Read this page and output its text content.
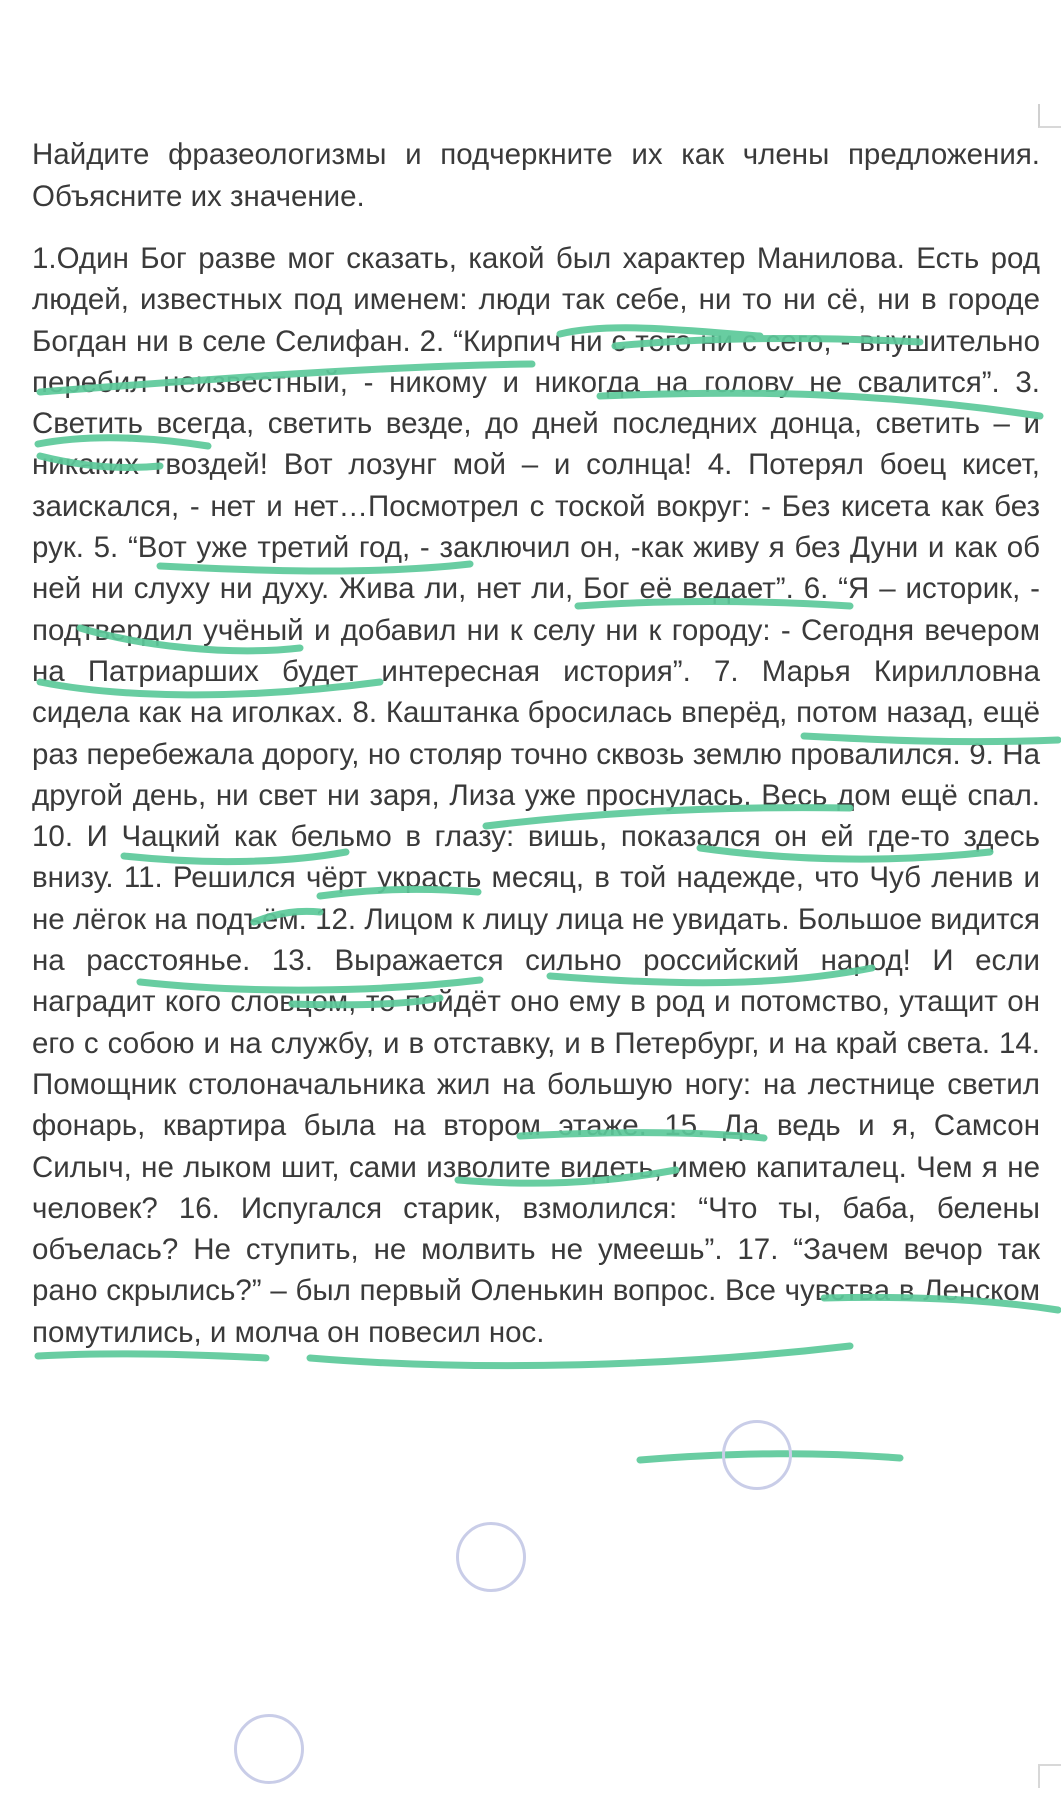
Найдите фразеологизмы и подчеркните их как члены предложения. Объясните их значение.

1.Один Бог разве мог сказать, какой был характер Манилова. Есть род людей, известных под именем: люди так себе, ни то ни сё, ни в городе Богдан ни в селе Селифан. 2. “Кирпич ни с того ни с сего, - внушительно перебил неизвестный, - никому и никогда на голову не свалится”. 3. Светить всегда, светить везде, до дней последних донца, светить – и никаких гвоздей! Вот лозунг мой – и солнца! 4. Потерял боец кисет, заискался, - нет и нет…Посмотрел с тоской вокруг: - Без кисета как без рук. 5. “Вот уже третий год, - заключил он, -как живу я без Дуни и как об ней ни слуху ни духу. Жива ли, нет ли, Бог её ведает”. 6. “Я – историк, - подтвердил учёный и добавил ни к селу ни к городу: - Сегодня вечером на Патриарших будет интересная история”. 7. Марья Кирилловна сидела как на иголках. 8. Каштанка бросилась вперёд, потом назад, ещё раз перебежала дорогу, но столяр точно сквозь землю провалился. 9. На другой день, ни свет ни заря, Лиза уже проснулась. Весь дом ещё спал. 10. И Чацкий как бельмо в глазу: вишь, показался он ей где-то здесь внизу. 11. Решился чёрт украсть месяц, в той надежде, что Чуб ленив и не лёгок на подъём. 12. Лицом к лицу лица не увидать. Большое видится на расстоянье. 13. Выражается сильно российский народ! И если наградит кого словцом, то пойдёт оно ему в род и потомство, утащит он его с собою и на службу, и в отставку, и в Петербург, и на край света. 14. Помощник столоначальника жил на большую ногу: на лестнице светил фонарь, квартира была на втором этаже. 15. Да ведь и я, Самсон Силыч, не лыком шит, сами изволите видеть, имею капиталец. Чем я не человек? 16. Испугался старик, взмолился: “Что ты, баба, белены объелась? Не ступить, не молвить не умеешь”. 17. “Зачем вечор так рано скрылись?” – был первый Оленькин вопрос. Все чувства в Ленском помутились, и молча он повесил нос.
